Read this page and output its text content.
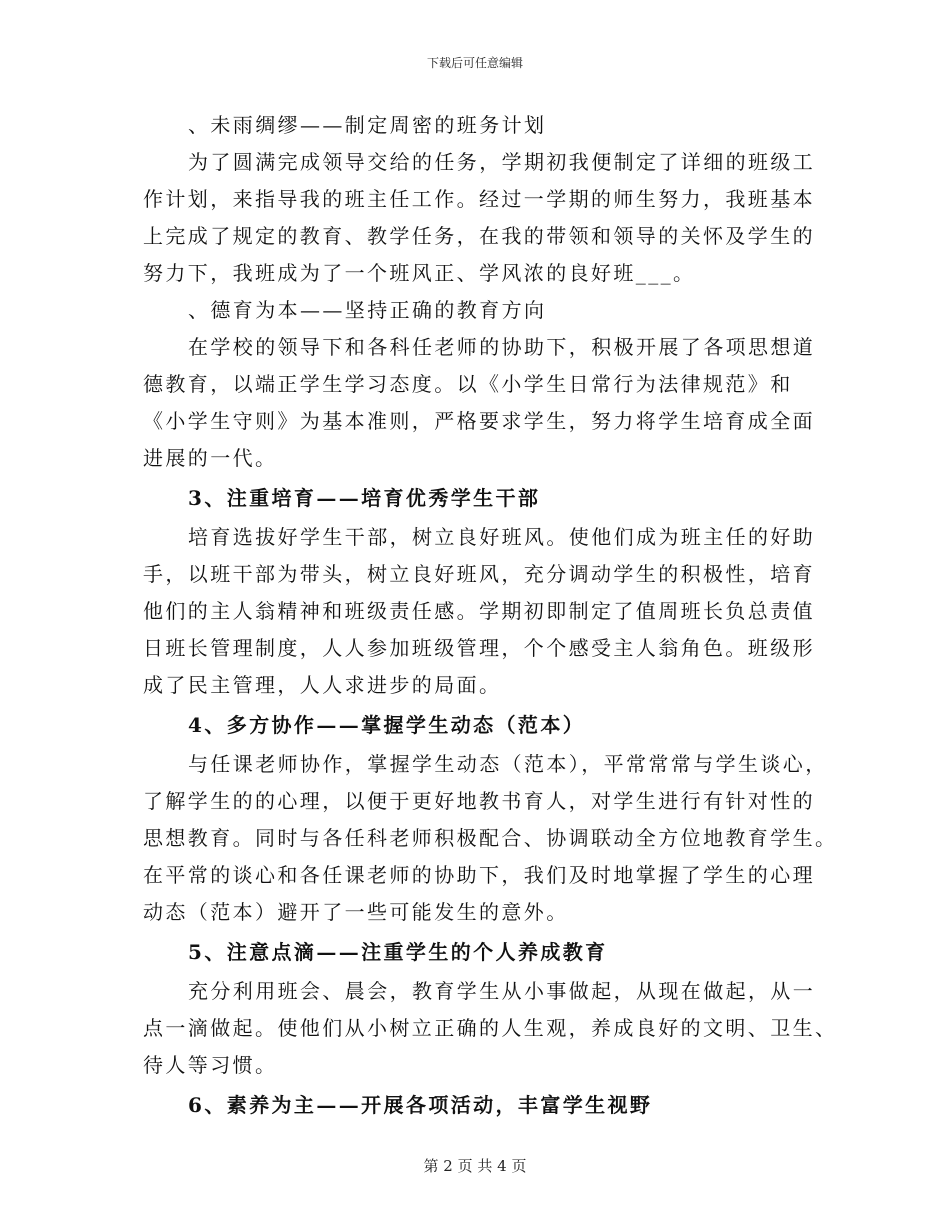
下载后可任意编辑
、未雨绸缪——制定周密的班务计划
为了圆满完成领导交给的任务，学期初我便制定了详细的班级工
作计划，来指导我的班主任工作。经过一学期的师生努力，我班基本
上完成了规定的教育、教学任务，在我的带领和领导的关怀及学生的
努力下，我班成为了一个班风正、学风浓的良好班___。
、德育为本——坚持正确的教育方向
在学校的领导下和各科任老师的协助下，积极开展了各项思想道
德教育，以端正学生学习态度。以《小学生日常行为法律规范》和
《小学生守则》为基本准则，严格要求学生，努力将学生培育成全面
进展的一代。
3、注重培育——培育优秀学生干部
培育选拔好学生干部，树立良好班风。使他们成为班主任的好助
手，以班干部为带头，树立良好班风，充分调动学生的积极性，培育
他们的主人翁精神和班级责任感。学期初即制定了值周班长负总责值
日班长管理制度，人人参加班级管理，个个感受主人翁角色。班级形
成了民主管理，人人求进步的局面。
4、多方协作——掌握学生动态（范本）
与任课老师协作，掌握学生动态（范本），平常常常与学生谈心，
了解学生的的心理，以便于更好地教书育人，对学生进行有针对性的
思想教育。同时与各任科老师积极配合、协调联动全方位地教育学生。
在平常的谈心和各任课老师的协助下，我们及时地掌握了学生的心理
动态（范本）避开了一些可能发生的意外。
5、注意点滴——注重学生的个人养成教育
充分利用班会、晨会，教育学生从小事做起，从现在做起，从一
点一滴做起。使他们从小树立正确的人生观，养成良好的文明、卫生、
待人等习惯。
6、素养为主——开展各项活动，丰富学生视野
第 2 页 共 4 页
